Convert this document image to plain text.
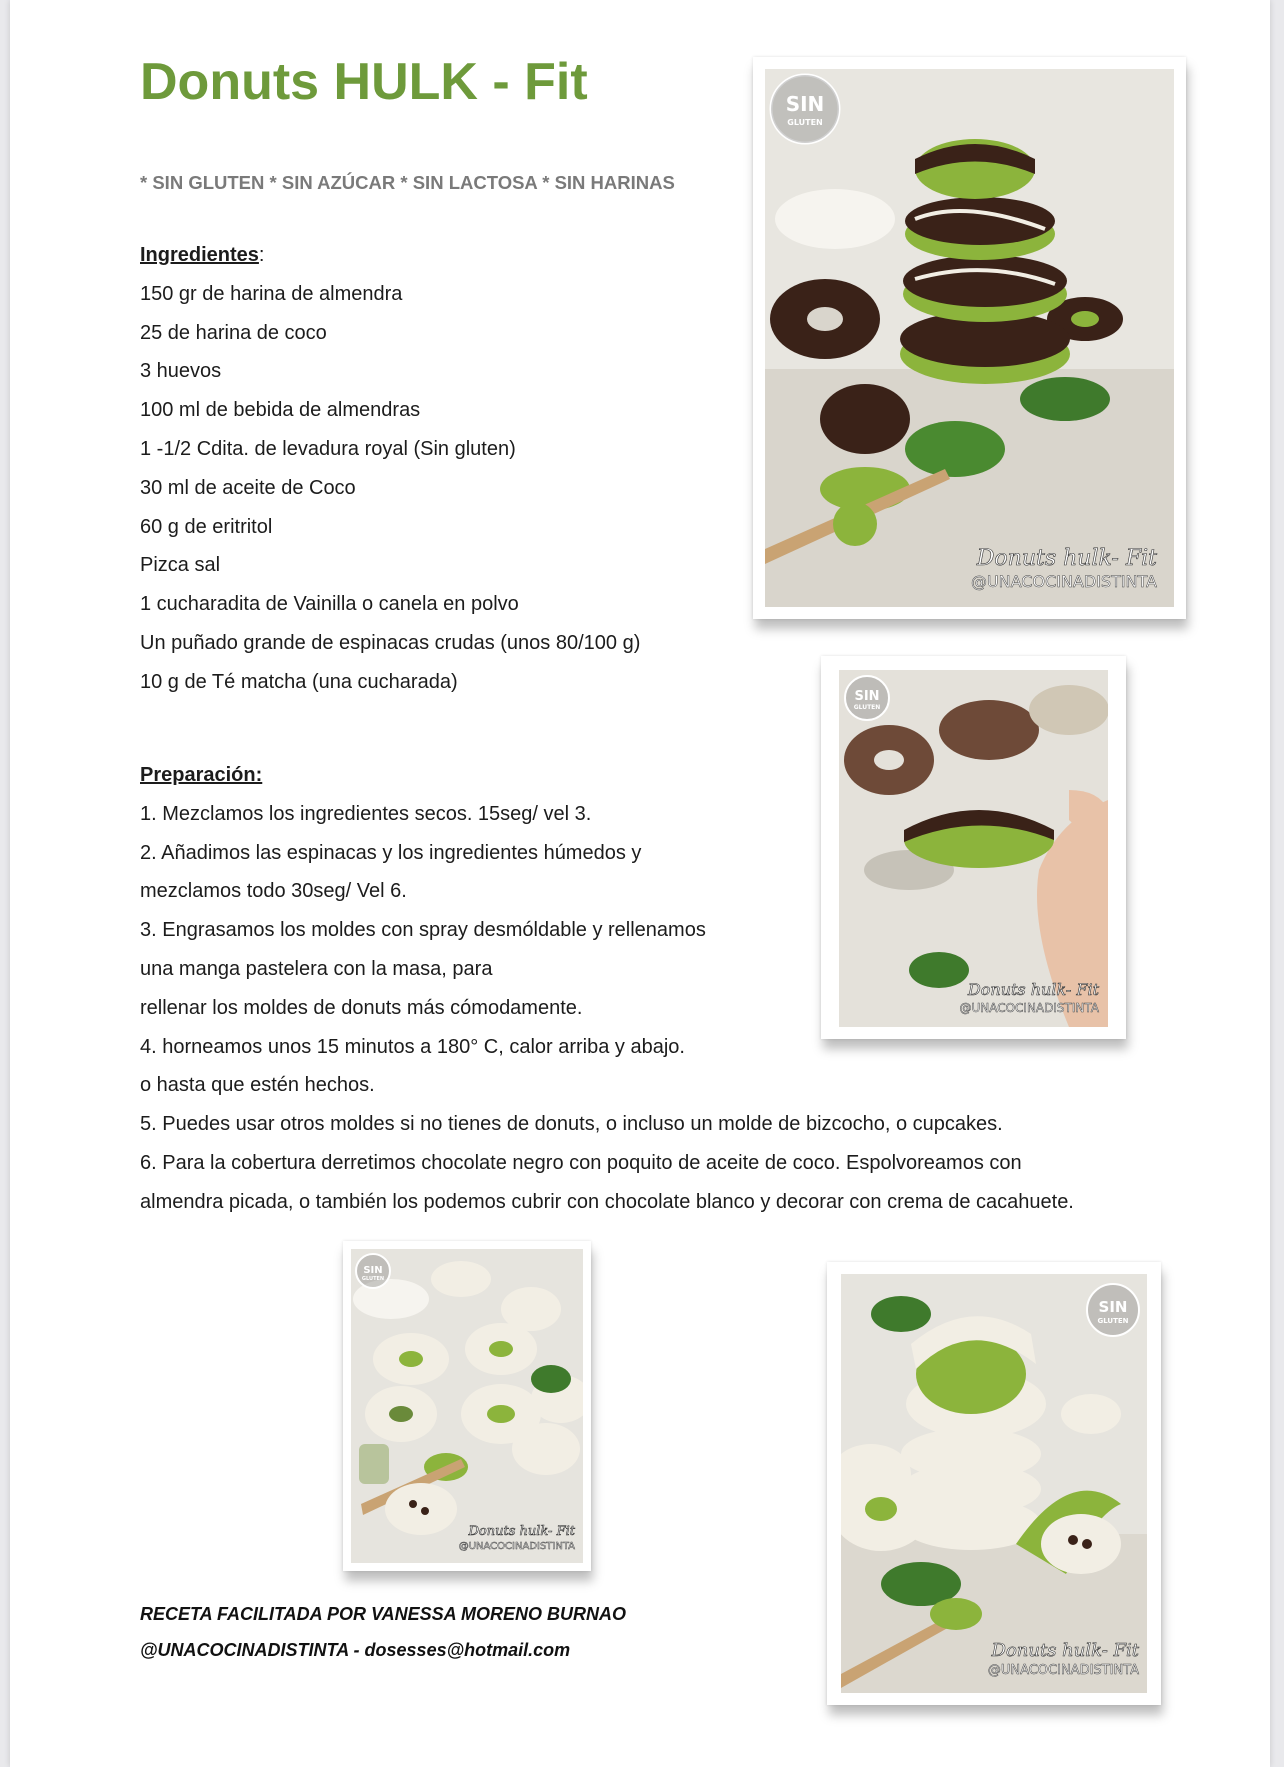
Donuts HULK - Fit

* SIN GLUTEN * SIN AZÚCAR * SIN LACTOSA * SIN HARINAS

Ingredientes:
150 gr de harina de almendra
25 de harina de coco
3 huevos
100 ml de bebida de almendras
1 -1/2 Cdita. de levadura royal (Sin gluten)
30 ml de aceite de Coco
60 g de eritritol
Pizca sal
1 cucharadita de Vainilla o canela en polvo
Un puñado grande de espinacas crudas (unos 80/100 g)
10 g de Té matcha (una cucharada)
Preparación:
1. Mezclamos los ingredientes secos. 15seg/ vel 3.
2. Añadimos las espinacas y los ingredientes húmedos y
mezclamos todo 30seg/ Vel 6.
3. Engrasamos los moldes con spray desmóldable y rellenamos
una manga pastelera con la masa, para
rellenar los moldes de donuts más cómodamente.
4. horneamos unos 15 minutos a 180° C, calor arriba y abajo.
o hasta que estén hechos.
5. Puedes usar otros moldes si no tienes de donuts, o incluso un molde de bizcocho, o cupcakes.
6. Para la cobertura derretimos chocolate negro con poquito de aceite de coco. Espolvoreamos con
almendra picada, o también los podemos cubrir con chocolate blanco y decorar con crema de cacahuete.
RECETA FACILITADA POR VANESSA MORENO BURNAO
@UNACOCINADISTINTA - dosesses@hotmail.com
SIN
GLUTEN
Donuts hulk- Fit
@UNACOCINADISTINTA
SIN
GLUTEN
Donuts hulk- Fit
@UNACOCINADISTINTA
SIN
GLUTEN
Donuts hulk- Fit
@UNACOCINADISTINTA
SIN
GLUTEN
Donuts hulk- Fit
@UNACOCINADISTINTA
